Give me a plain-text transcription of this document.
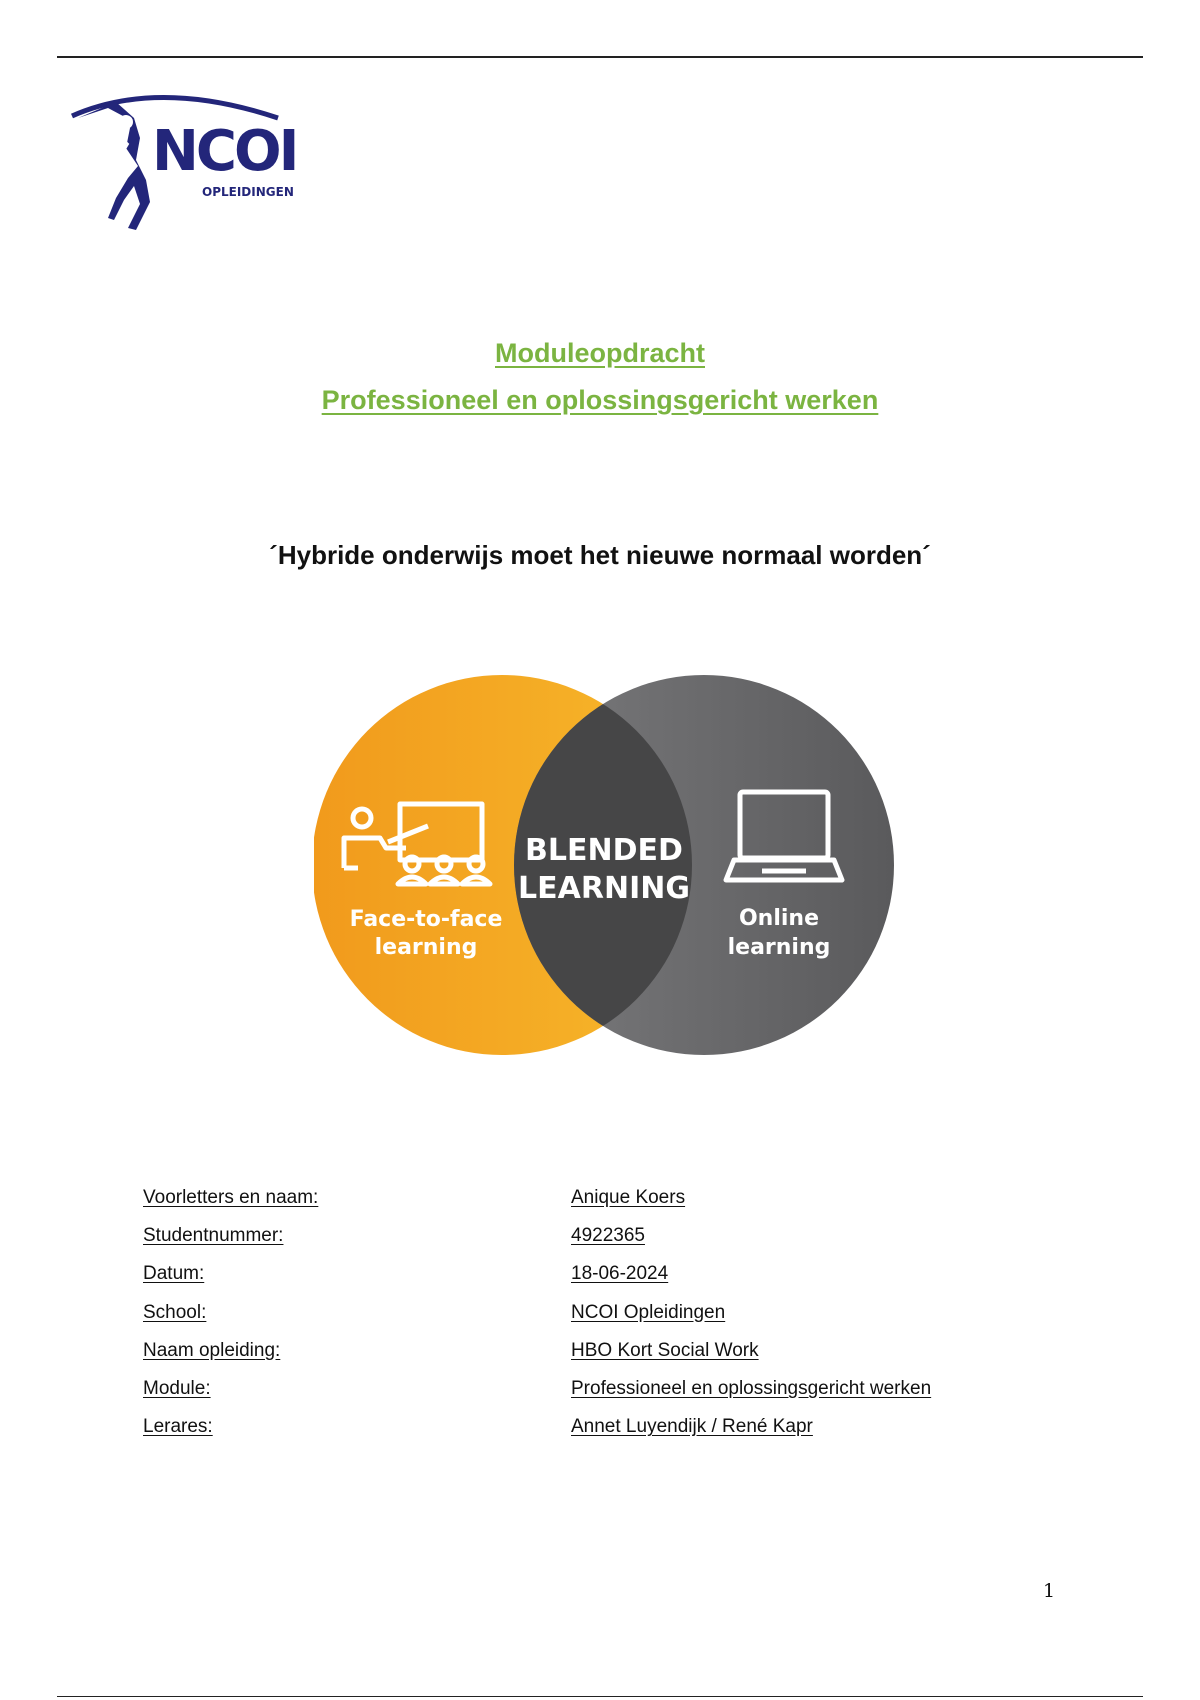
NCOI
OPLEIDINGEN
Moduleopdracht
Professioneel en oplossingsgericht werken
´Hybride onderwijs moet het nieuwe normaal worden´
Face-to-face
learning
BLENDED
LEARNING
Online
learning
Voorletters en naam:	Anique Koers
Studentnummer:	4922365
Datum:	18-06-2024
School:	NCOI Opleidingen
Naam opleiding:	HBO Kort Social Work
Module:	Professioneel en oplossingsgericht werken
Lerares:	Annet Luyendijk / René Kapr
1
